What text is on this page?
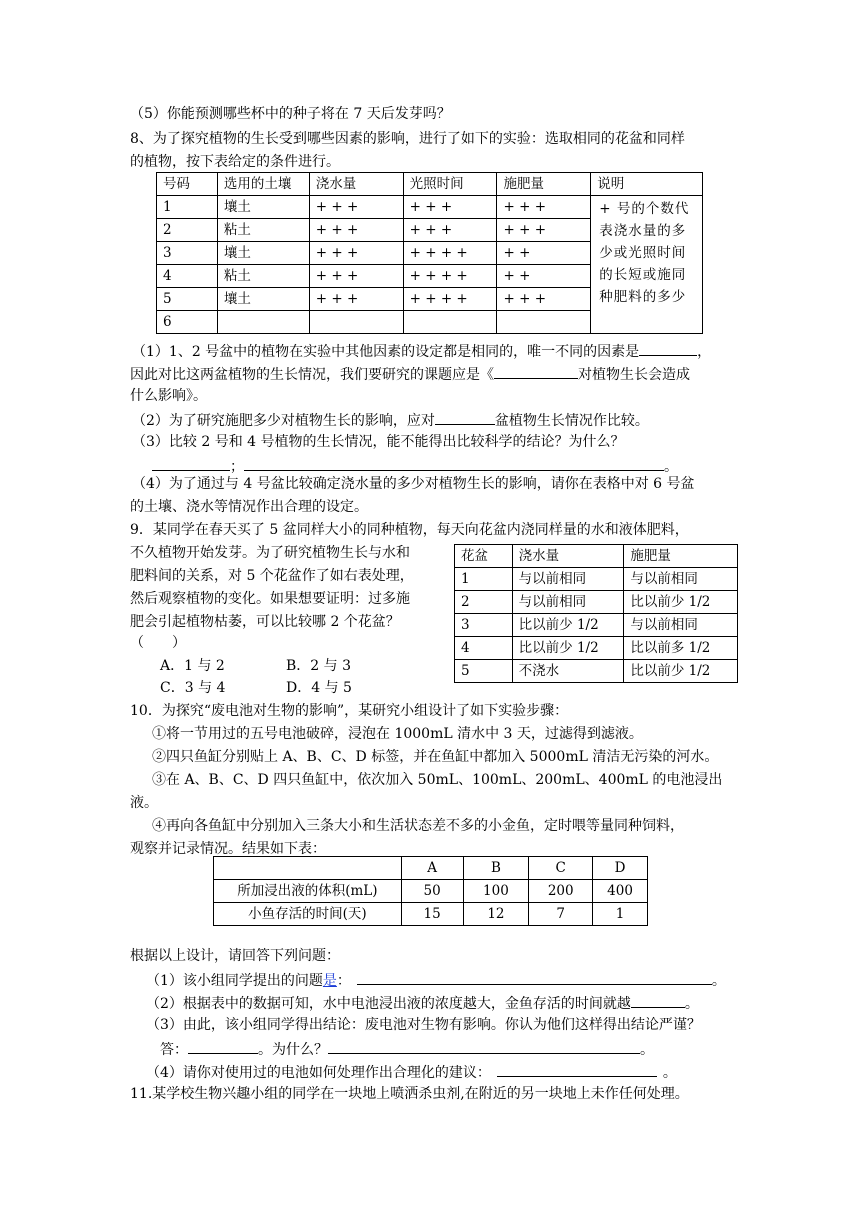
（5）你能预测哪些杯中的种子将在 7 天后发芽吗？
8、为了探究植物的生长受到哪些因素的影响，进行了如下的实验：选取相同的花盆和同样
的植物，按下表给定的条件进行。
号码	选用的土壤	浇水量	光照时间	施肥量	说明
1	壤土	+ + +	+ + +	+ + +	+ 号的个数代表浇水量的多少或光照时间的长短或施同种肥料的多少
2	粘土	+ + +	+ + +	+ + +	
3	壤土	+ + +	+ + + +	+ +	
4	粘土	+ + +	+ + + +	+ +	
5	壤土	+ + +	+ + + +	+ + +	
6					
（1）1、2 号盆中的植物在实验中其他因素的设定都是相同的，唯一不同的因素是	，
因此对比这两盆植物的生长情况，我们要研究的课题应是《	对植物生长会造成
什么影响》。
（2）为了研究施肥多少对植物生长的影响，应对	盆植物生长情况作比较。
（3）比较 2 号和 4 号植物的生长情况，能不能得出比较科学的结论？为什么？
；	。
（4）为了通过与 4 号盆比较确定浇水量的多少对植物生长的影响，请你在表格中对 6 号盆
的土壤、浇水等情况作出合理的设定。
9．某同学在春天买了 5 盆同样大小的同种植物，每天向花盆内浇同样量的水和液体肥料，
不久植物开始发芽。为了研究植物生长与水和
肥料间的关系，对 5 个花盆作了如右表处理，
然后观察植物的变化。如果想要证明：过多施
肥会引起植物枯萎，可以比较哪 2 个花盆？
（　　）
A．1 与 2	B．2 与 3
C．3 与 4	D．4 与 5
花盆	浇水量	施肥量
1	与以前相同	与以前相同
2	与以前相同	比以前少 1/2
3	比以前少 1/2	与以前相同
4	比以前少 1/2	比以前多 1/2
5	不浇水	比以前少 1/2
10．为探究“废电池对生物的影响”，某研究小组设计了如下实验步骤：
①将一节用过的五号电池破碎，浸泡在 1000mL 清水中 3 天，过滤得到滤液。
②四只鱼缸分别贴上 A、B、C、D 标签，并在鱼缸中都加入 5000mL 清洁无污染的河水。
③在 A、B、C、D 四只鱼缸中，依次加入 50mL、100mL、200mL、400mL 的电池浸出
液。
④再向各鱼缸中分别加入三条大小和生活状态差不多的小金鱼，定时喂等量同种饲料，
观察并记录情况。结果如下表：
	A	B	C	D
所加浸出液的体积(mL)	50	100	200	400
小鱼存活的时间(天)	15	12	7	1
根据以上设计，请回答下列问题：
（1）该小组同学提出的问题是：	。
（2）根据表中的数据可知，水中电池浸出液的浓度越大，金鱼存活的时间就越	。
（3）由此，该小组同学得出结论：废电池对生物有影响。你认为他们这样得出结论严谨？
答：	。为什么？	。
（4）请你对使用过的电池如何处理作出合理化的建议：	。
11.某学校生物兴趣小组的同学在一块地上喷洒杀虫剂,在附近的另一块地上未作任何处理。
